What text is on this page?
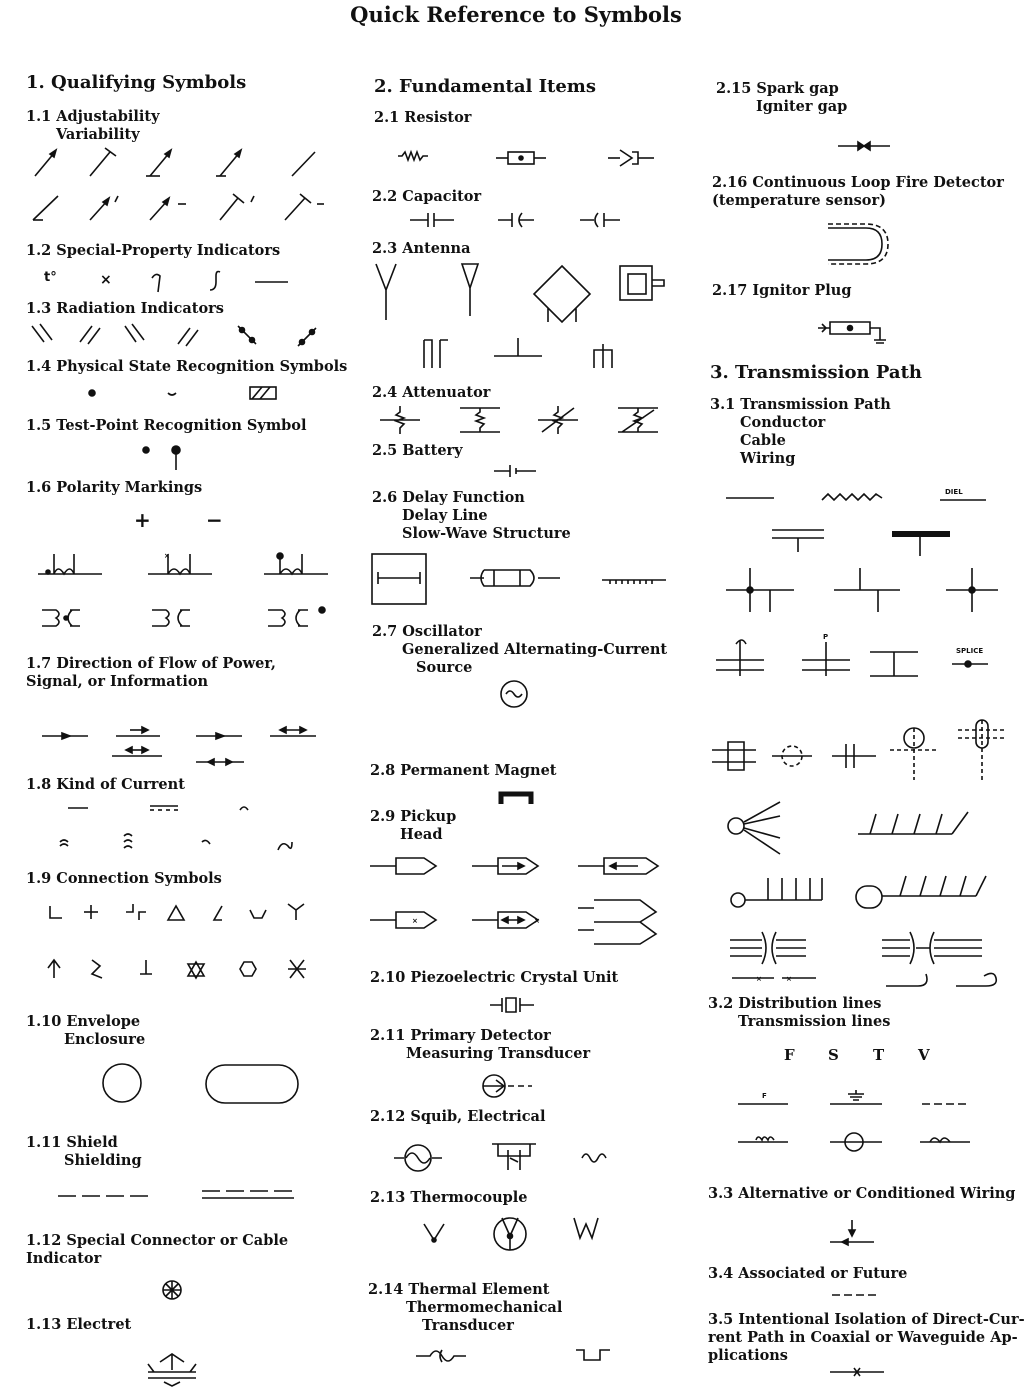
Quick Reference to Symbols
1. Qualifying Symbols
1.1 Adjustability
Variability
1.2 Special-Property Indicators
t°	×
1.3 Radiation Indicators
1.4 Physical State Recognition Symbols
1.5 Test-Point Recognition Symbol
1.6 Polarity Markings
+	−
×
1.7 Direction of Flow of Power,
Signal, or Information
1.8 Kind of Current
1.9 Connection Symbols
1.10 Envelope
Enclosure
1.11 Shield
Shielding
1.12 Special Connector or Cable
Indicator
1.13 Electret
2. Fundamental Items
2.1 Resistor
2.2 Capacitor
2.3 Antenna
2.4 Attenuator
2.5 Battery
2.6 Delay Function
Delay Line
Slow-Wave Structure
2.7 Oscillator
Generalized Alternating-Current
Source
2.8 Permanent Magnet
2.9 Pickup
Head
×	×
2.10 Piezoelectric Crystal Unit
2.11 Primary Detector
Measuring Transducer
2.12 Squib, Electrical
2.13 Thermocouple
2.14 Thermal Element
Thermomechanical
Transducer
2.15 Spark gap
Igniter gap
2.16 Continuous Loop Fire Detector
(temperature sensor)
2.17 Ignitor Plug
3. Transmission Path
3.1 Transmission Path
Conductor
Cable
Wiring
DIEL
P
SPLICE
×	×
3.2 Distribution lines
Transmission lines
F S T V
F
3.3 Alternative or Conditioned Wiring
3.4 Associated or Future
3.5 Intentional Isolation of Direct-Cur-
rent Path in Coaxial or Waveguide Ap-
plications
